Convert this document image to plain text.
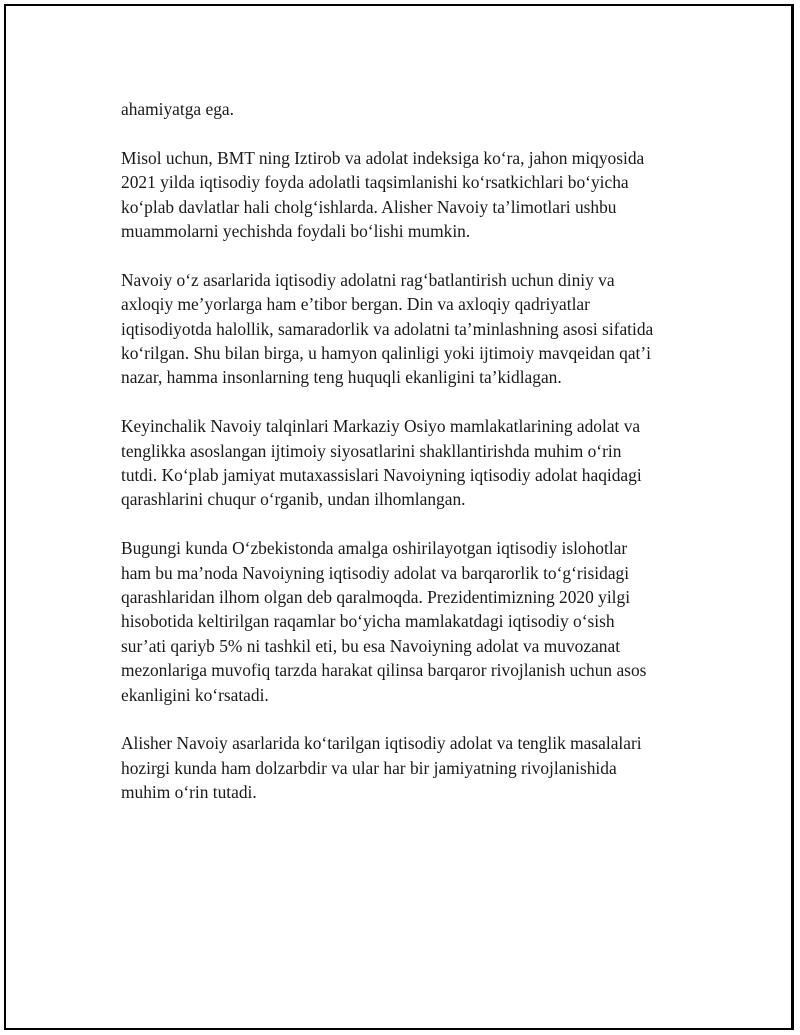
ahamiyatga ega.

Misol uchun, BMT ning Iztirob va adolat indeksiga ko‘ra, jahon miqyosida
2021 yilda iqtisodiy foyda adolatli taqsimlanishi ko‘rsatkichlari bo‘yicha
ko‘plab davlatlar hali cholg‘ishlarda. Alisher Navoiy ta’limotlari ushbu
muammolarni yechishda foydali bo‘lishi mumkin.

Navoiy o‘z asarlarida iqtisodiy adolatni rag‘batlantirish uchun diniy va
axloqiy me’yorlarga ham e’tibor bergan. Din va axloqiy qadriyatlar
iqtisodiyotda halollik, samaradorlik va adolatni ta’minlashning asosi sifatida
ko‘rilgan. Shu bilan birga, u hamyon qalinligi yoki ijtimoiy mavqeidan qat’i
nazar, hamma insonlarning teng huquqli ekanligini ta’kidlagan.

Keyinchalik Navoiy talqinlari Markaziy Osiyo mamlakatlarining adolat va
tenglikka asoslangan ijtimoiy siyosatlarini shakllantirishda muhim o‘rin
tutdi. Ko‘plab jamiyat mutaxassislari Navoiyning iqtisodiy adolat haqidagi
qarashlarini chuqur o‘rganib, undan ilhomlangan.

Bugungi kunda O‘zbekistonda amalga oshirilayotgan iqtisodiy islohotlar
ham bu ma’noda Navoiyning iqtisodiy adolat va barqarorlik to‘g‘risidagi
qarashlaridan ilhom olgan deb qaralmoqda. Prezidentimizning 2020 yilgi
hisobotida keltirilgan raqamlar bo‘yicha mamlakatdagi iqtisodiy o‘sish
sur’ati qariyb 5% ni tashkil eti, bu esa Navoiyning adolat va muvozanat
mezonlariga muvofiq tarzda harakat qilinsa barqaror rivojlanish uchun asos
ekanligini ko‘rsatadi.

Alisher Navoiy asarlarida ko‘tarilgan iqtisodiy adolat va tenglik masalalari
hozirgi kunda ham dolzarbdir va ular har bir jamiyatning rivojlanishida
muhim o‘rin tutadi.
